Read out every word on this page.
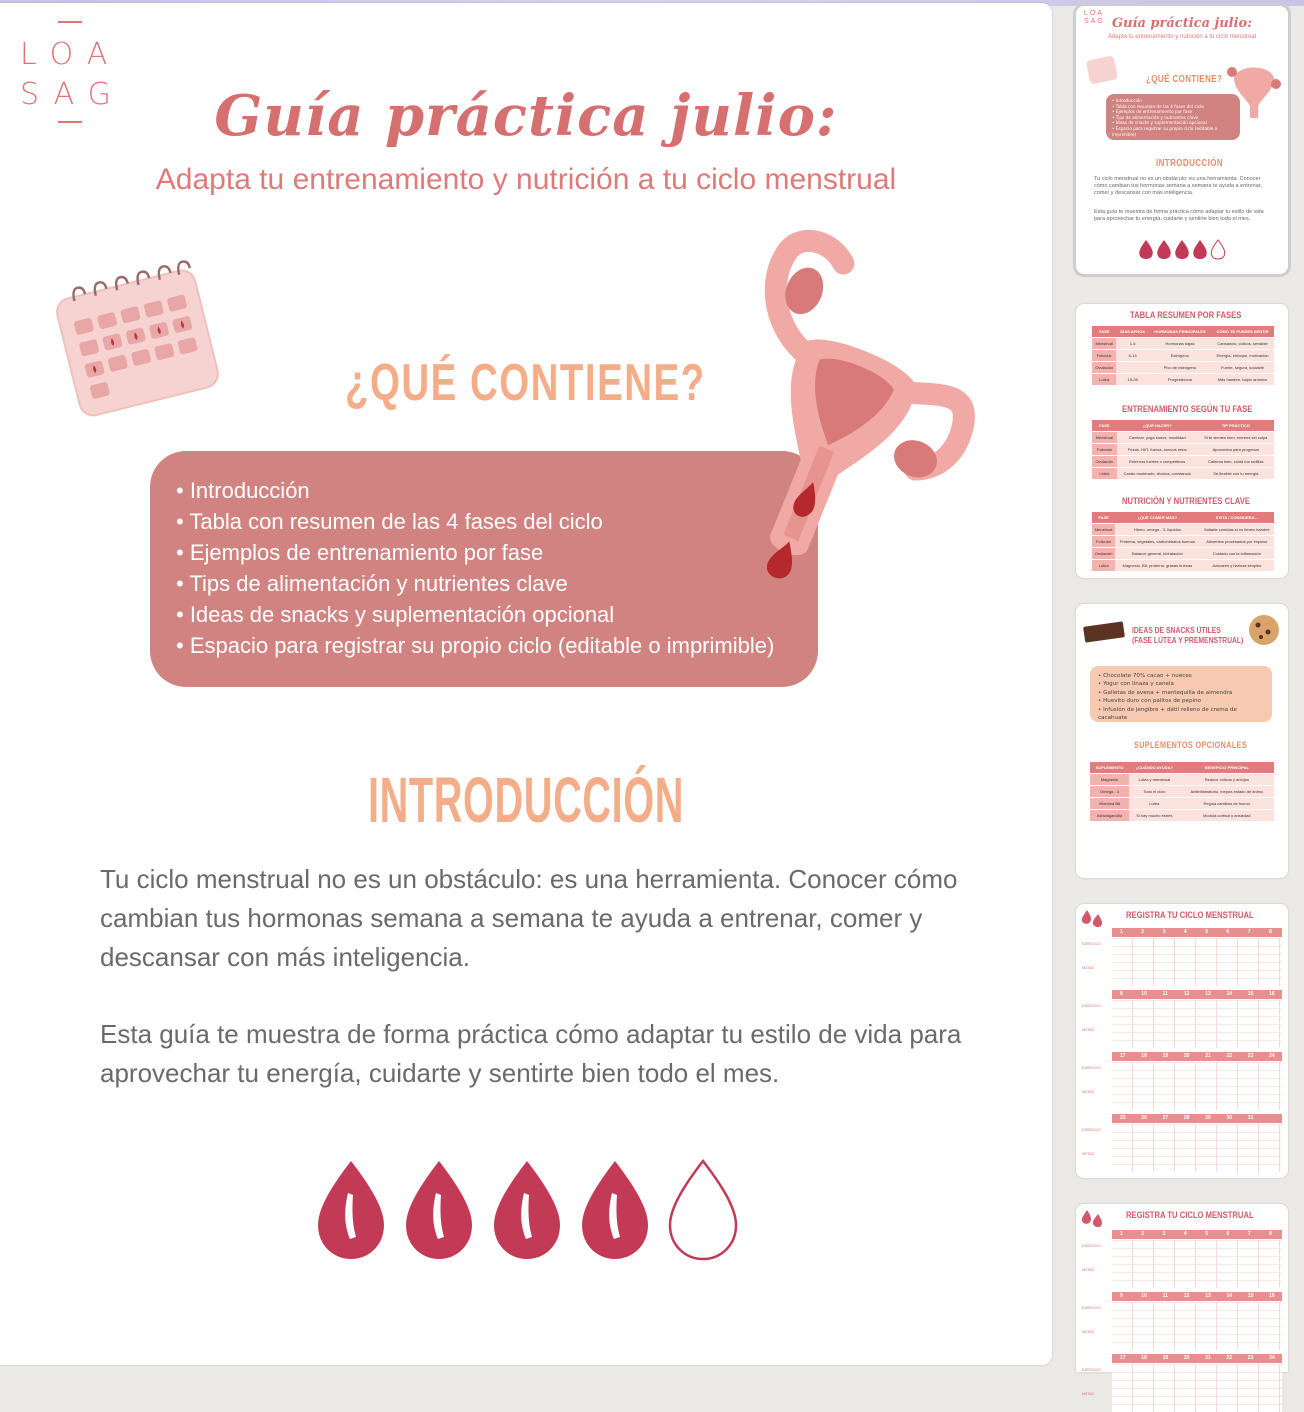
LOA
SAG	Guía práctica julio:
Adapta tu entrenamiento y nutrición a tu ciclo menstrual
¿QUÉ CONTIENE?
• Introducción
• Tabla con resumen de las 4 fases del ciclo
• Ejemplos de entrenamiento por fase
• Tips de alimentación y nutrientes clave
• Ideas de snacks y suplementación opcional
• Espacio para registrar su propio ciclo (editable o imprimible)
INTRODUCCIÓN

Tu ciclo menstrual no es un obstáculo: es una herramienta. Conocer cómo cambian tus hormonas semana a semana te ayuda a entrenar, comer y descansar con más inteligencia.

Esta guía te muestra de forma práctica cómo adaptar tu estilo de vida para aprovechar tu energía, cuidarte y sentirte bien todo el mes.

LOA
SAG Guía práctica julio:
Adapta tu entrenamiento y nutrición a tu ciclo menstrual
¿QUÉ CONTIENE?
• Introducción
• Tabla con resumen de las 4 fases del ciclo
• Ejemplos de entrenamiento por fase
• Tips de alimentación y nutrientes clave
• Ideas de snacks y suplementación opcional
• Espacio para registrar su propio ciclo (editable o imprimible)
INTRODUCCIÓN
Tu ciclo menstrual no es un obstáculo: es una herramienta. Conocer cómo cambian tus hormonas semana a semana te ayuda a entrenar, comer y descansar con más inteligencia.
Esta guía te muestra de forma práctica cómo adaptar tu estilo de vida para aprovechar tu energía, cuidarte y sentirte bien todo el mes.
TABLA RESUMEN POR FASES
FASE	DÍAS APROX	HORMONAS PRINCIPALES	CÓMO TE PUEDES SENTIR
Menstrual	1-5	Hormonas bajas	Cansancio, cólicos, sensible
Folicular	6-13	Estrógeno	Energía, enfoque, motivación
Ovulación		Pico de estrógeno	Fuerte, segura, sociable
Lútea	15-28	Progesterona	Más hambre, bajón anímico
ENTRENAMIENTO SEGÚN TU FASE
FASE	¿QUÉ HACER?	TIP PRÁCTICO
Menstrual	Caminar, yoga suave, movilidad	Si te sientes bien, entrena sin culpa
Folicular	Pesas, HIIT, fuerza, nuevos retos	Aprovecha para progresar
Ovulación	Entrenos fuertes o competitivos	Calienta bien, cuida tus rodillas
Lútea	Cardio moderado, técnica, constancia	Sé flexible con tu energía
NUTRICIÓN Y NUTRIENTES CLAVE
FASE	¿QUÉ COMER MÁS?	EVITA / CONSIDERA...
Menstrual	Hierro, omega - 3, líquidos	Saltarte comidas si no tienes hambre
Folicular	Proteína, vegetales, carbohidratos buenos	Alimentos procesados por impulso
Ovulación	Balance general, hidratación	Cuidado con la inflamación
Lútea	Magnesio, B6, proteína, grasas buenas	Azúcares y harinas simples
IDEAS DE SNACKS ÚTILES
(FASE LÚTEA Y PREMENSTRUAL)
• Chocolate 70% cacao + nueces
• Yogur con linaza y canela
• Galletas de avena + mantequilla de almendra
• Huevito duro con palitos de pepino
• Infusión de jengibre + dátil relleno de crema de cacahuate
SUPLEMENTOS OPCIONALES
SUPLEMENTO	¿CUÁNDO AYUDA?	BENEFICIO PRINCIPAL
Magnesio	Lútea y menstrual	Reduce cólicos y antojos
Omega - 3	Todo el ciclo	Antiinflamatorio, mejora estado de ánimo
Vitamina B6	Lútea	Regula cambios de humor
Ashwagandha	Si hay mucho estrés	Modula cortisol y ansiedad
REGISTRA TU CICLO MENSTRUAL
1	2	3	4	5	6	7	8
EJERCICIO
NOTAS
9	10	11	12	13	14	15	16
EJERCICIO
NOTAS
17	18	19	20	21	22	23	24
EJERCICIO
NOTAS
25	26	27	28	29	30	31
EJERCICIO
NOTAS
REGISTRA TU CICLO MENSTRUAL
1	2	3	4	5	6	7	8
EJERCICIO
NOTAS
9	10	11	12	13	14	15	16
EJERCICIO
NOTAS
17	18	19	20	21	22	23	24
EJERCICIO
NOTAS
